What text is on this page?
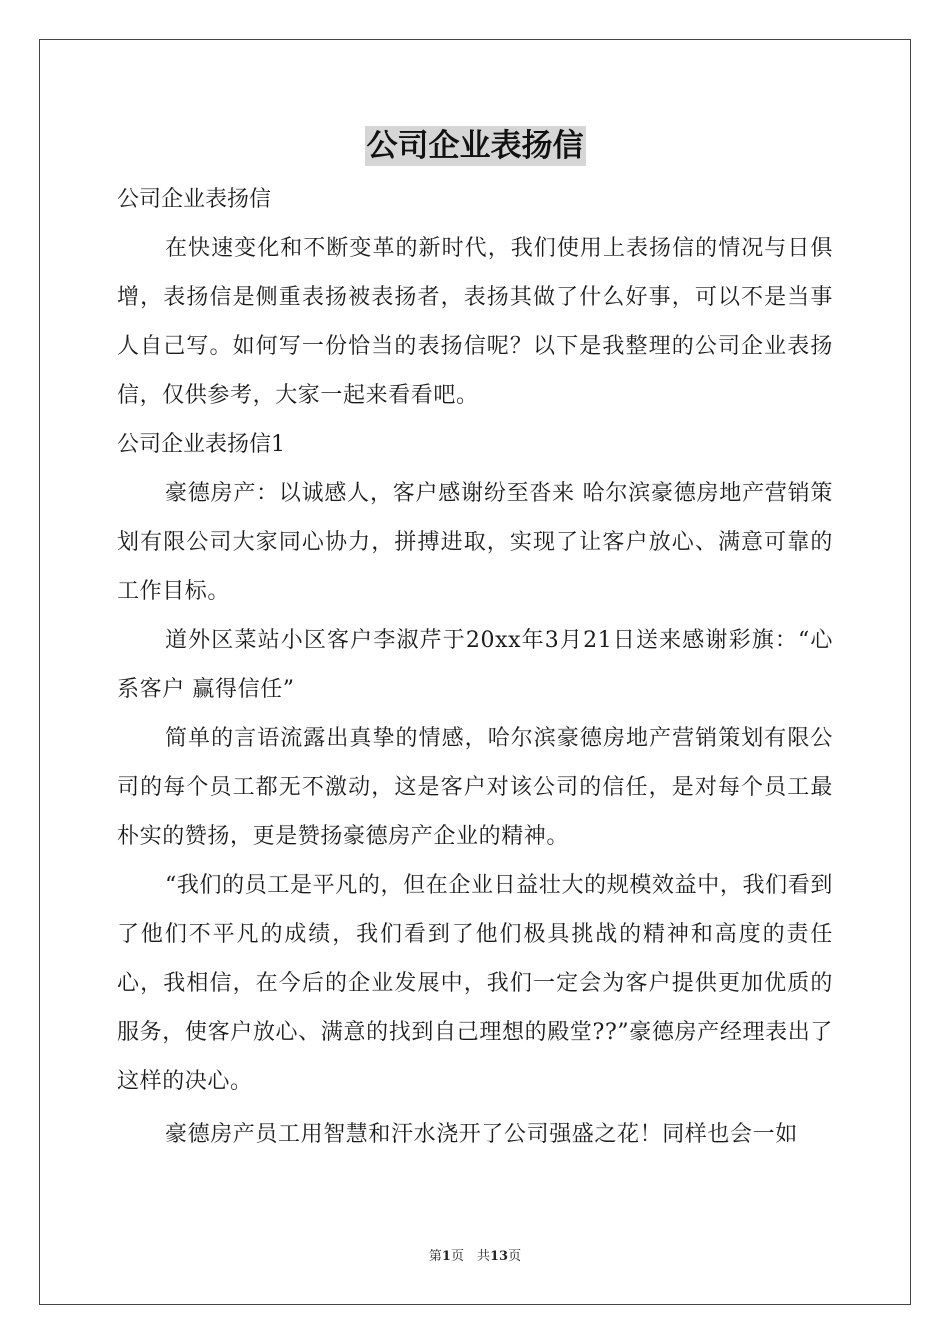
公司企业表扬信

公司企业表扬信

在快速变化和不断变革的新时代，我们使用上表扬信的情况与日俱增，表扬信是侧重表扬被表扬者，表扬其做了什么好事，可以不是当事人自己写。如何写一份恰当的表扬信呢？以下是我整理的公司企业表扬信，仅供参考，大家一起来看看吧。

公司企业表扬信1

豪德房产：以诚感人，客户感谢纷至沓来 哈尔滨豪德房地产营销策划有限公司大家同心协力，拼搏进取，实现了让客户放心、满意可靠的工作目标。

道外区菜站小区客户李淑芹于20xx年3月21日送来感谢彩旗：“心系客户 赢得信任”

简单的言语流露出真挚的情感，哈尔滨豪德房地产营销策划有限公司的每个员工都无不激动，这是客户对该公司的信任，是对每个员工最朴实的赞扬，更是赞扬豪德房产企业的精神。

“我们的员工是平凡的，但在企业日益壮大的规模效益中，我们看到了他们不平凡的成绩，我们看到了他们极具挑战的精神和高度的责任心，我相信，在今后的企业发展中，我们一定会为客户提供更加优质的服务，使客户放心、满意的找到自己理想的殿堂??”豪德房产经理表出了这样的决心。

豪德房产员工用智慧和汗水浇开了公司强盛之花！同样也会一如

第1页　共13页
